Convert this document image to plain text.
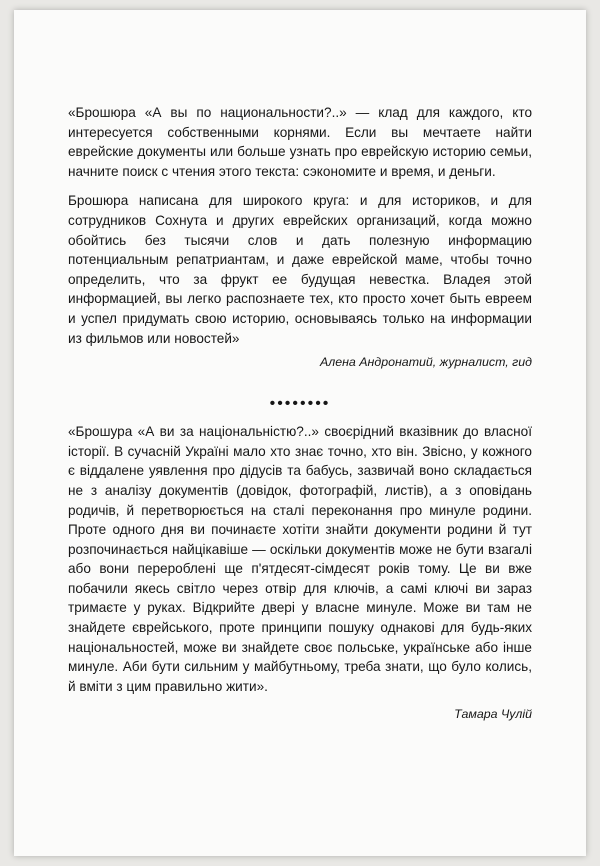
«Брошюра «А вы по национальности?..» — клад для каждого, кто интересуется собственными корнями. Если вы мечтаете найти еврейские документы или больше узнать про еврейскую историю семьи, начните поиск с чтения этого текста: сэкономите и время, и деньги.

Брошюра написана для широкого круга: и для историков, и для сотрудников Сохнута и других еврейских организаций, когда можно обойтись без тысячи слов и дать полезную информацию потенциальным репатриантам, и даже еврейской маме, чтобы точно определить, что за фрукт ее будущая невестка. Владея этой информацией, вы легко распознаете тех, кто просто хочет быть евреем и успел придумать свою историю, основываясь только на информации из фильмов или новостей»

Алена Андронатий, журналист, гид

••••••••

«Брошура «А ви за національністю?..» своєрідний вказівник до власної історії. В сучасній Україні мало хто знає точно, хто він. Звісно, у кожного є віддалене уявлення про дідусів та бабусь, зазвичай воно складається не з аналізу документів (довідок, фотографій, листів), а з оповідань родичів, й перетворюється на сталі переконання про минуле родини. Проте одного дня ви починаєте хотіти знайти документи родини й тут розпочинається найцікавіше — оскільки документів може не бути взагалі або вони перероблені ще п'ятдесят-сімдесят років тому. Це ви вже побачили якесь світло через отвір для ключів, а самі ключі ви зараз тримаєте у руках. Відкрийте двері у власне минуле. Може ви там не знайдете єврейського, проте принципи пошуку однакові для будь-яких національностей, може ви знайдете своє польське, українське або інше минуле. Аби бути сильним у майбутньому, треба знати, що було колись, й вміти з цим правильно жити».

Тамара Чулій
